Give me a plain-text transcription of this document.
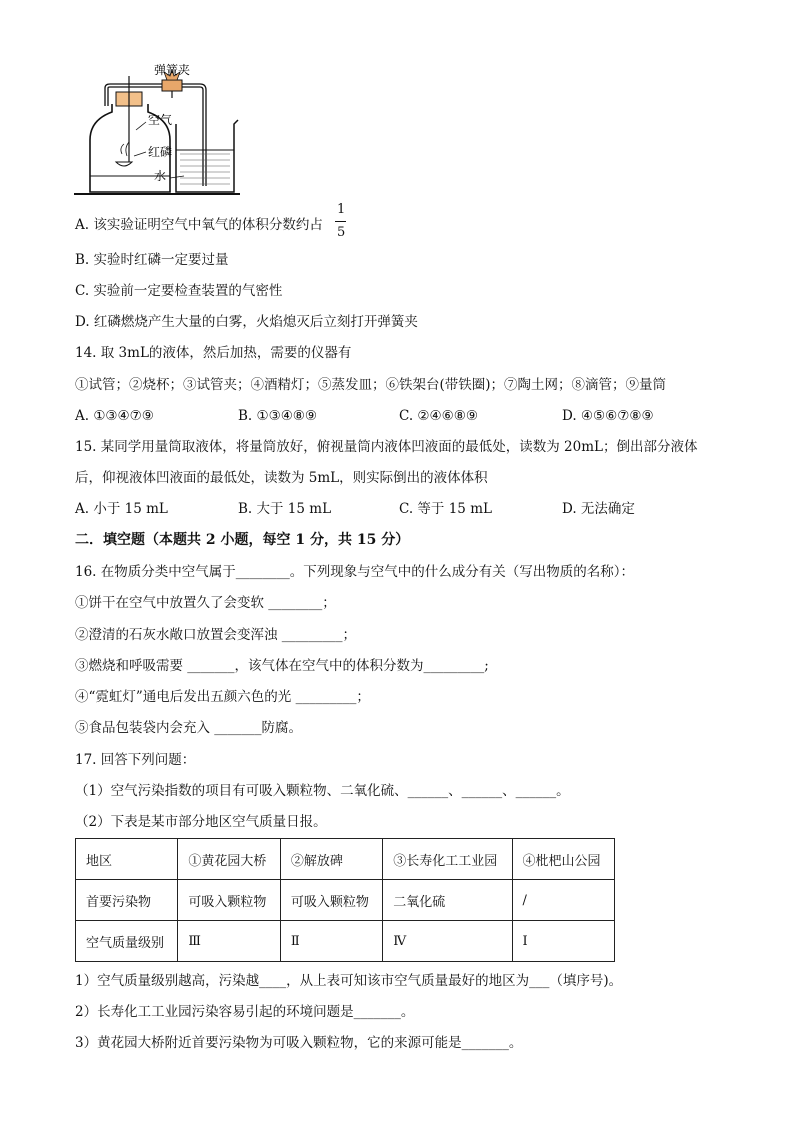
弹簧夹
空气
红磷
水
A. 该实验证明空气中氧气的体积分数约占
1
5
B. 实验时红磷一定要过量
C. 实验前一定要检查装置的气密性
D. 红磷燃烧产生大量的白雾，火焰熄灭后立刻打开弹簧夹
14. 取 3mL的液体，然后加热，需要的仪器有
①试管；②烧杯；③试管夹；④酒精灯；⑤蒸发皿；⑥铁架台(带铁圈)；⑦陶土网；⑧滴管；⑨量筒
A. ①③④⑦⑨	B. ①③④⑧⑨	C. ②④⑥⑧⑨	D. ④⑤⑥⑦⑧⑨
15. 某同学用量筒取液体，将量筒放好，俯视量筒内液体凹液面的最低处，读数为 20mL；倒出部分液体
后，仰视液体凹液面的最低处，读数为 5mL，则实际倒出的液体体积
A. 小于 15 mL	B. 大于 15 mL	C. 等于 15 mL	D. 无法确定
二．填空题（本题共 2 小题，每空 1 分，共 15 分）
16. 在物质分类中空气属于________。下列现象与空气中的什么成分有关（写出物质的名称）：
①饼干在空气中放置久了会变软 ________；
②澄清的石灰水敞口放置会变浑浊 _________；
③燃烧和呼吸需要 _______，该气体在空气中的体积分数为_________;
④“霓虹灯”通电后发出五颜六色的光 _________；
⑤食品包装袋内会充入 _______防腐。
17. 回答下列问题：
（1）空气污染指数的项目有可吸入颗粒物、二氧化硫、______、______、______。
（2）下表是某市部分地区空气质量日报。
地区	①黄花园大桥	②解放碑	③长寿化工工业园	④枇杷山公园
首要污染物	可吸入颗粒物	可吸入颗粒物	二氧化硫	/
空气质量级别	Ⅲ	Ⅱ	Ⅳ	Ⅰ
1）空气质量级别越高，污染越____，从上表可知该市空气质量最好的地区为___（填序号)。
2）长寿化工工业园污染容易引起的环境问题是_______。
3）黄花园大桥附近首要污染物为可吸入颗粒物，它的来源可能是_______。
